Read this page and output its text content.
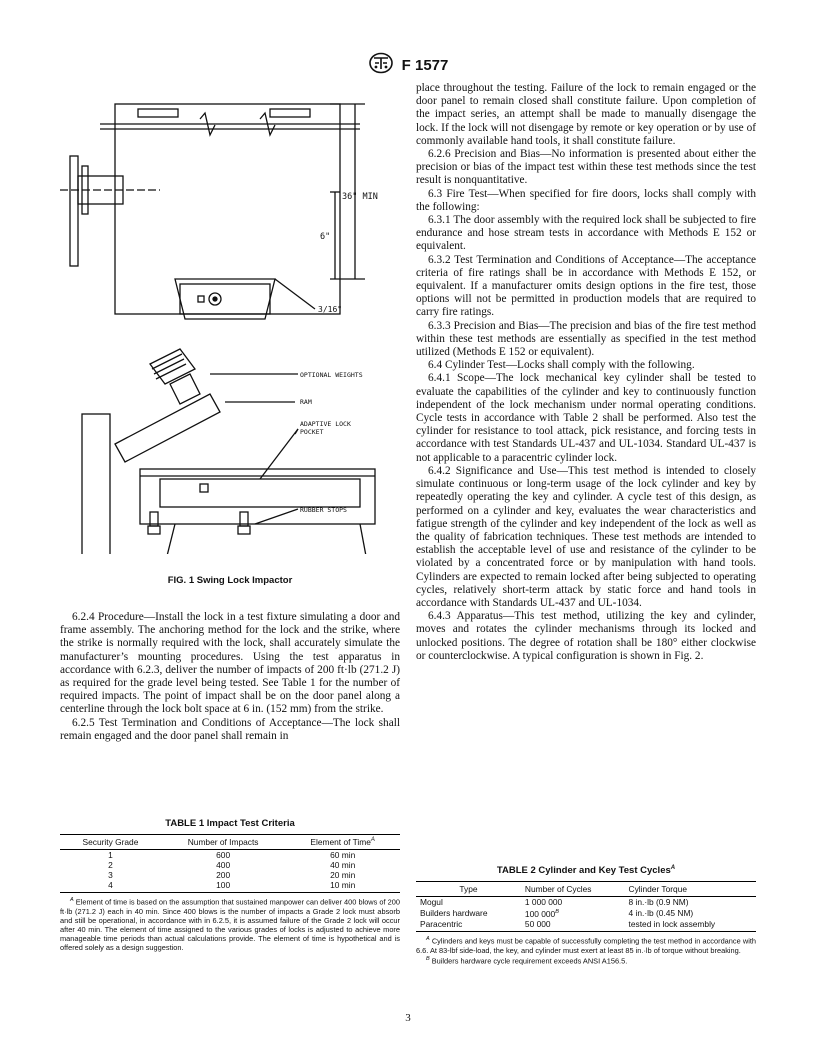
F 1577
36" MIN
6"
3/16"
OPTIONAL WEIGHTS
RAM
ADAPTIVE LOCK
POCKET
RUBBER STOPS
FIG. 1 Swing Lock Impactor

6.2.4 Procedure—Install the lock in a test fixture simulating a door and frame assembly. The anchoring method for the lock and the strike, where the strike is normally required with the lock, shall accurately simulate the manufacturer’s mounting procedures. Using the test apparatus in accordance with 6.2.3, deliver the number of impacts of 200 ft·lb (271.2 J) as required for the grade level being tested. See Table 1 for the number of required impacts. The point of impact shall be on the door panel along a centerline through the lock bolt space at 6 in. (152 mm) from the strike.

6.2.5 Test Termination and Conditions of Acceptance—The lock shall remain engaged and the door panel shall remain in

TABLE 1 Impact Test Criteria
Security Grade	Number of Impacts	Element of Time$^A$
1	600	60 min
2	400	40 min
3	200	20 min
4	100	10 min

$^A$ Element of time is based on the assumption that sustained manpower can deliver 400 blows of 200 ft·lb (271.2 J) each in 40 min. Since 400 blows is the number of impacts a Grade 2 lock must absorb and still be operational, in accordance with in 6.2.5, it is assumed failure of the Grade 2 lock will occur after 40 min. The element of time assigned to the various grades of locks is adjusted to achieve more manageable time periods than actual calculations provide. The element of time is hypothetical and is offered solely as a design suggestion.

place throughout the testing. Failure of the lock to remain engaged or the door panel to remain closed shall constitute failure. Upon completion of the impact series, an attempt shall be made to manually disengage the lock. If the lock will not disengage by remote or key operation or by use of commonly available hand tools, it shall constitute failure.

6.2.6 Precision and Bias—No information is presented about either the precision or bias of the impact test within these test methods since the test result is nonquantitative.

6.3 Fire Test—When specified for fire doors, locks shall comply with the following:

6.3.1 The door assembly with the required lock shall be subjected to fire endurance and hose stream tests in accordance with Methods E 152 or equivalent.

6.3.2 Test Termination and Conditions of Acceptance—The acceptance criteria of fire ratings shall be in accordance with Methods E 152, or equivalent. If a manufacturer omits design options in the fire test, those options will not be permitted in production models that are required to carry fire ratings.

6.3.3 Precision and Bias—The precision and bias of the fire test method within these test methods are essentially as specified in the test method utilized (Methods E 152 or equivalent).

6.4 Cylinder Test—Locks shall comply with the following.

6.4.1 Scope—The lock mechanical key cylinder shall be tested to evaluate the capabilities of the cylinder and key to continuously function independent of the lock mechanism under normal operating conditions. Cycle tests in accordance with Table 2 shall be performed. Also test the cylinder for resistance to tool attack, pick resistance, and forcing tests in accordance with test Standards UL-437 and UL-1034. Standard UL-437 is not applicable to a paracentric cylinder lock.

6.4.2 Significance and Use—This test method is intended to closely simulate continuous or long-term usage of the lock cylinder and key by repeatedly operating the key and cylinder. A cycle test of this design, as performed on a cylinder and key, evaluates the wear characteristics and fatigue strength of the cylinder and key independent of the lock as well as the quality of fabrication techniques. These test methods are intended to establish the acceptable level of use and resistance of the cylinder to be violated by a concentrated force or by manipulation with hand tools. Cylinders are expected to remain locked after being subjected to operating cycles, relatively short-term attack by static force and hand tools in accordance with Standards UL-437 and UL-1034.

6.4.3 Apparatus—This test method, utilizing the key and cylinder, moves and rotates the cylinder mechanisms through its locked and unlocked positions. The degree of rotation shall be 180° either clockwise or counterclockwise. A typical configuration is shown in Fig. 2.

TABLE 2 Cylinder and Key Test Cycles$^A$
Type	Number of Cycles	Cylinder Torque
Mogul	1 000 000	8 in.·lb (0.9 NM)
Builders hardware	100 $000^B$	4 in.·lb (0.45 NM)
Paracentric	50 000	tested in lock assembly

$^A$ Cylinders and keys must be capable of successfully completing the test method in accordance with 6.6. At 83-lbf side-load, the key, and cylinder must exert at least 85 in.·lb of torque without breaking.

$^B$ Builders hardware cycle requirement exceeds ANSI A156.5.

3
